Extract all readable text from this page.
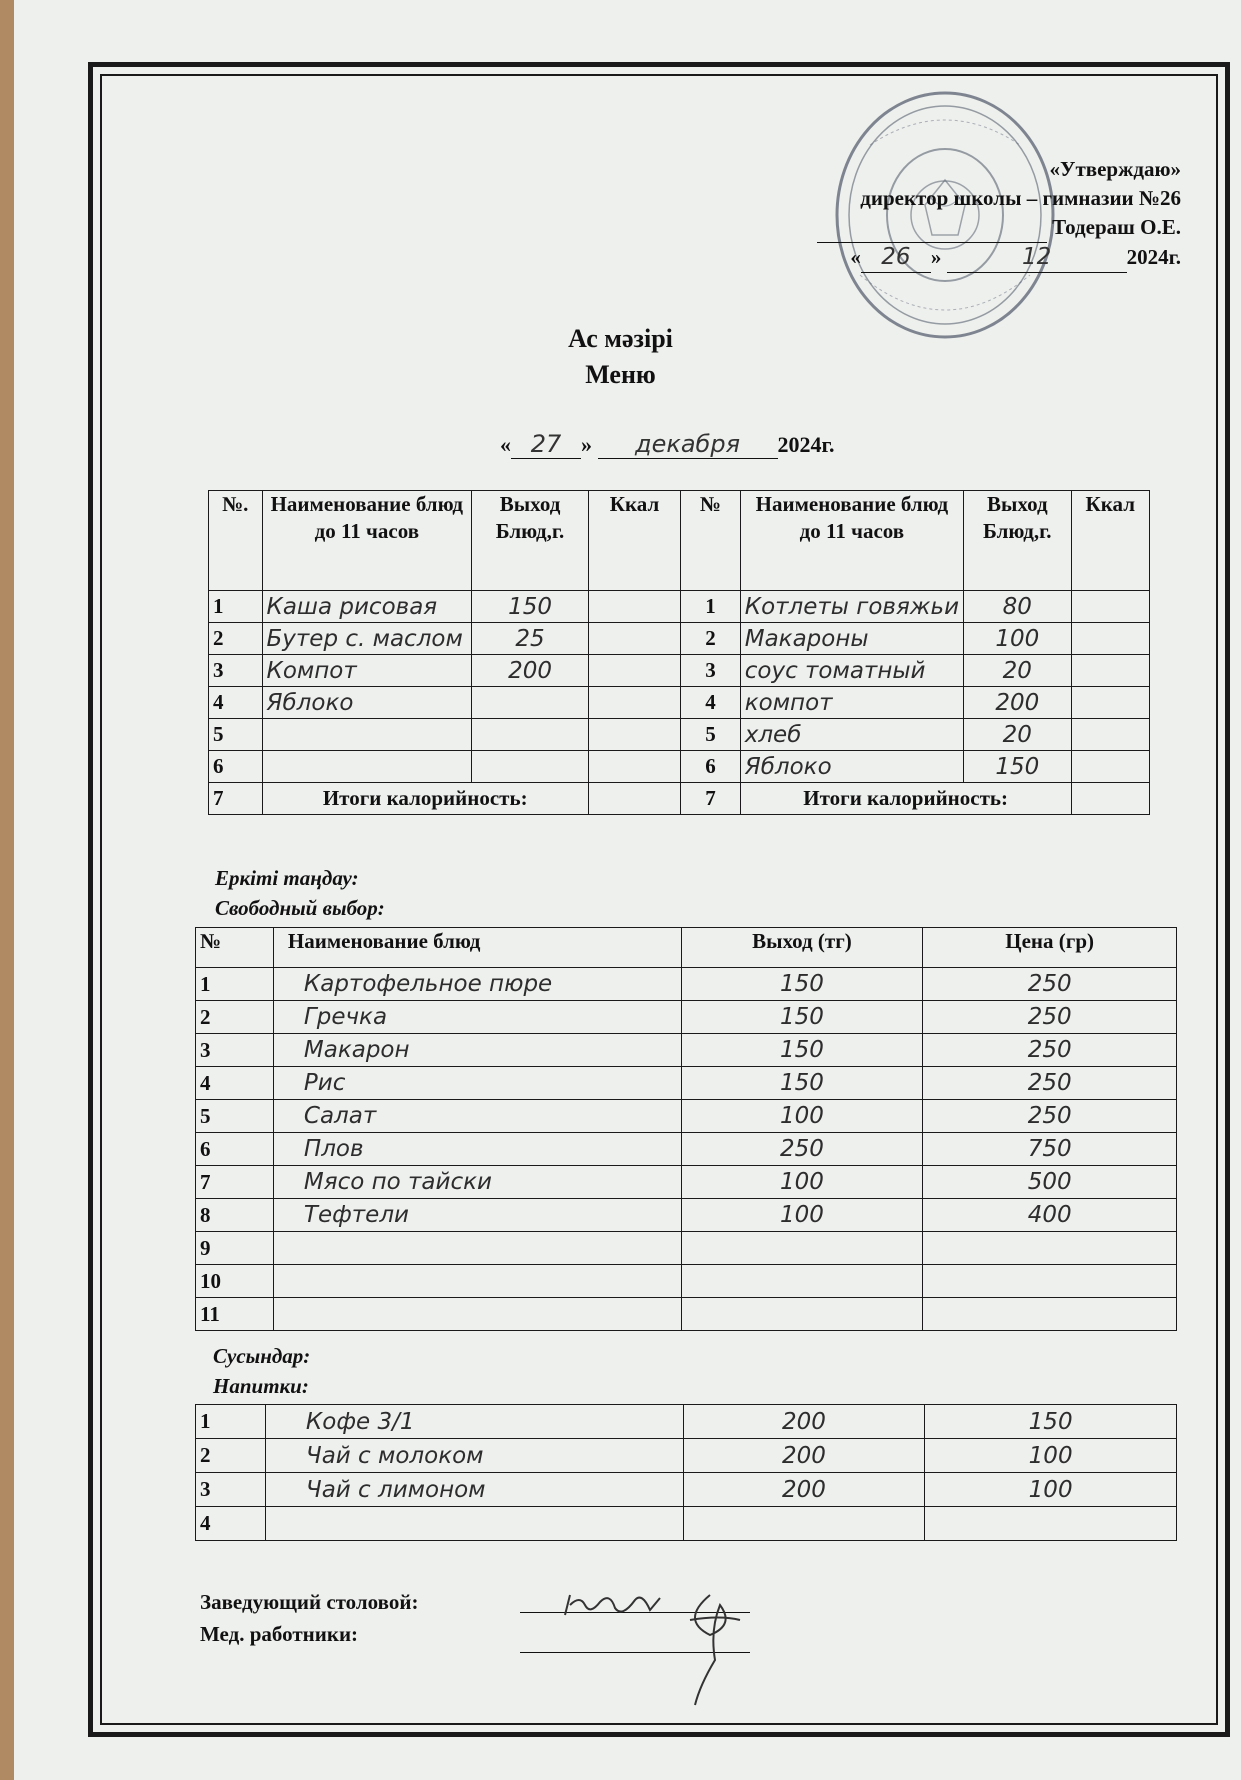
«Утверждаю»
директор школы – гимназии №26
Тодераш О.Е.
« 26 »	12	2024г.
Ас мәзірі
Меню
« 27 » декабря 2024г.
№.	Наименование блюд до 11 часов	Выход Блюд,г.	Ккал	№	Наименование блюд до 11 часов	Выход Блюд,г.	Ккал
1	Каша рисовая	150		1	Котлеты говяжьи	80	
2	Бутер с. маслом	25		2	Макароны	100	
3	Компот	200		3	соус томатный	20	
4	Яблоко			4	компот	200	
5				5	хлеб	20	
6				6	Яблоко	150	
7	Итоги калорийность:			7	Итоги калорийность:		
Еркіті таңдау:
Свободный выбор:
№	Наименование блюд	Выход (тг)	Цена (гр)
1	Картофельное пюре	150	250
2	Гречка	150	250
3	Макарон	150	250
4	Рис	150	250
5	Салат	100	250
6	Плов	250	750
7	Мясо по тайски	100	500
8	Тефтели	100	400
9			
10			
11			
Сусындар:
Напитки:
1	Кофе 3/1	200	150
2	Чай с молоком	200	100
3	Чай с лимоном	200	100
4			
Заведующий столовой:
Мед. работники:
